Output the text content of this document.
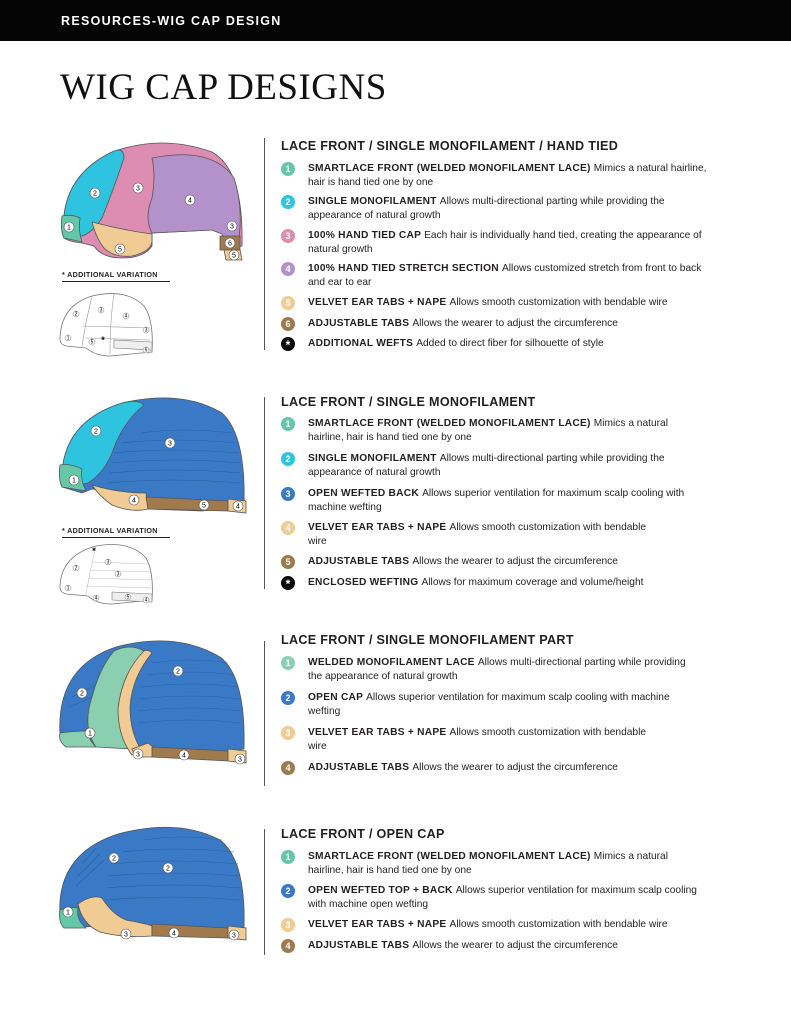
RESOURCES-WIG CAP DESIGN
WIG CAP DESIGNS
1
2
3
4
3
5
6
5
* ADDITIONAL VARIATION
2
3
4
3
1
5
6
*
LACE FRONT / SINGLE MONOFILAMENT / HAND TIED
1	SMARTLACE FRONT (WELDED MONOFILAMENT LACE) Mimics a natural hairline, hair is hand tied one by one
2	SINGLE MONOFILAMENT Allows multi-directional parting while providing the appearance of natural growth
3	100% HAND TIED CAP Each hair is individually hand tied, creating the appearance of natural growth
4	100% HAND TIED STRETCH SECTION Allows customized stretch from front to back and ear to ear
5	VELVET EAR TABS + NAPE Allows smooth customization with bendable wire
6	ADJUSTABLE TABS Allows the wearer to adjust the circumference
*	ADDITIONAL WEFTS Added to direct fiber for silhouette of style
1
2
3
4
5	4
* ADDITIONAL VARIATION
2
3
3
1
4	5	4
*
LACE FRONT / SINGLE MONOFILAMENT
1	SMARTLACE FRONT (WELDED MONOFILAMENT LACE) Mimics a natural hairline, hair is hand tied one by one
2	SINGLE MONOFILAMENT Allows multi-directional parting while providing the appearance of natural growth
3	OPEN WEFTED BACK Allows superior ventilation for maximum scalp cooling with machine wefting
4	VELVET EAR TABS + NAPE Allows smooth customization with bendable wire
5	ADJUSTABLE TABS Allows the wearer to adjust the circumference
*	ENCLOSED WEFTING Allows for maximum coverage and volume/height
2
1
2
3	4
3
LACE FRONT / SINGLE MONOFILAMENT PART
1	WELDED MONOFILAMENT LACE Allows multi-directional parting while providing the appearance of natural growth
2	OPEN CAP Allows superior ventilation for maximum scalp cooling with machine wefting
3	VELVET EAR TABS + NAPE Allows smooth customization with bendable wire
4	ADJUSTABLE TABS Allows the wearer to adjust the circumference
1
2
2
3	4	3
LACE FRONT / OPEN CAP
1	SMARTLACE FRONT (WELDED MONOFILAMENT LACE) Mimics a natural hairline, hair is hand tied one by one
2	OPEN WEFTED TOP + BACK Allows superior ventilation for maximum scalp cooling with machine open wefting
3	VELVET EAR TABS + NAPE Allows smooth customization with bendable wire
4	ADJUSTABLE TABS Allows the wearer to adjust the circumference
